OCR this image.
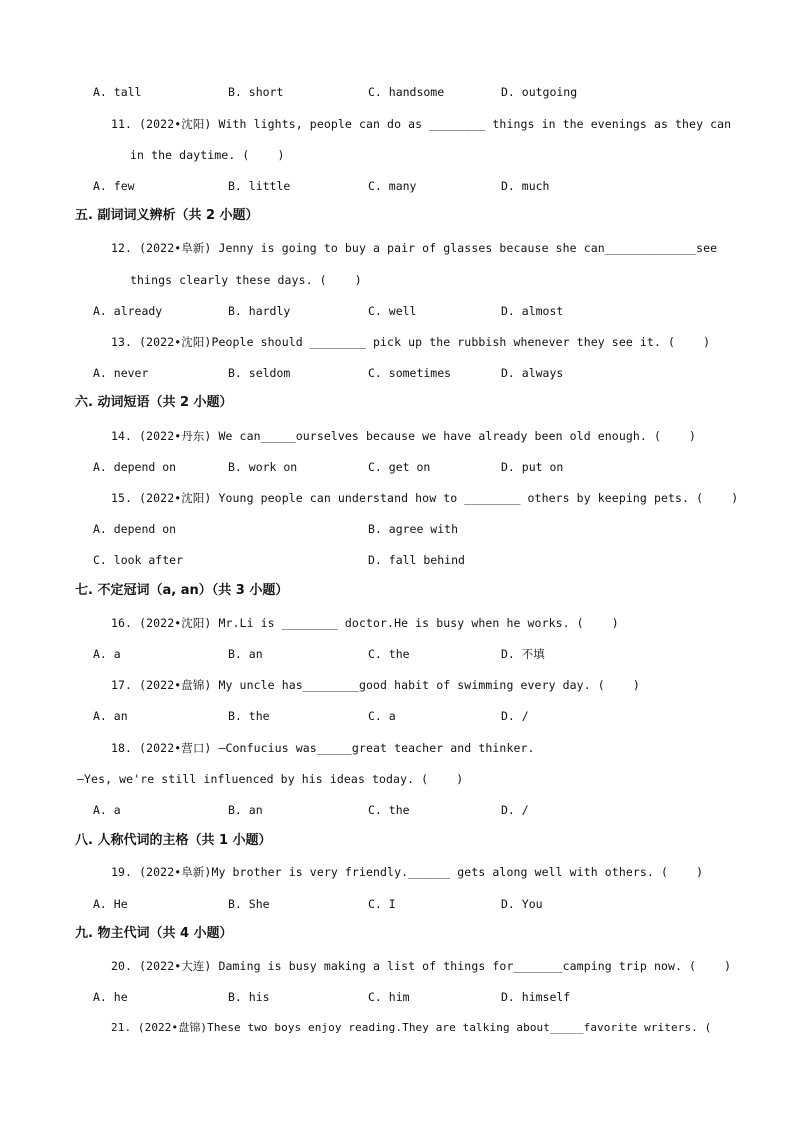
A. tall	B. short	C. handsome	D. outgoing
11. (2022•沈阳) With lights, people can do as ________ things in the evenings as they can
in the daytime. (    )
A. few	B. little	C. many	D. much
五. 副词词义辨析（共 2 小题）
12. (2022•阜新) Jenny is going to buy a pair of glasses because she can_____________see
things clearly these days. (    )
A. already	B. hardly	C. well	D. almost
13. (2022•沈阳)People should ________ pick up the rubbish whenever they see it. (    )
A. never	B. seldom	C. sometimes	D. always
六. 动词短语（共 2 小题）
14. (2022•丹东) We can_____ourselves because we have already been old enough. (    )
A. depend on	B. work on	C. get on	D. put on
15. (2022•沈阳) Young people can understand how to ________ others by keeping pets. (    )
A. depend on	B. agree with
C. look after	D. fall behind
七. 不定冠词（a, an）（共 3 小题）
16. (2022•沈阳) Mr.Li is ________ doctor.He is busy when he works. (    )
A. a	B. an	C. the	D. 不填
17. (2022•盘锦) My uncle has________good habit of swimming every day. (    )
A. an	B. the	C. a	D. /
18. (2022•营口) –Confucius was_____great teacher and thinker.
–Yes, we're still influenced by his ideas today. (    )
A. a	B. an	C. the	D. /
八. 人称代词的主格（共 1 小题）
19. (2022•阜新)My brother is very friendly.______ gets along well with others. (    )
A. He	B. She	C. I	D. You
九. 物主代词（共 4 小题）
20. (2022•大连) Daming is busy making a list of things for_______camping trip now. (    )
A. he	B. his	C. him	D. himself
21. (2022•盘锦)These two boys enjoy reading.They are talking about_____favorite writers. (
